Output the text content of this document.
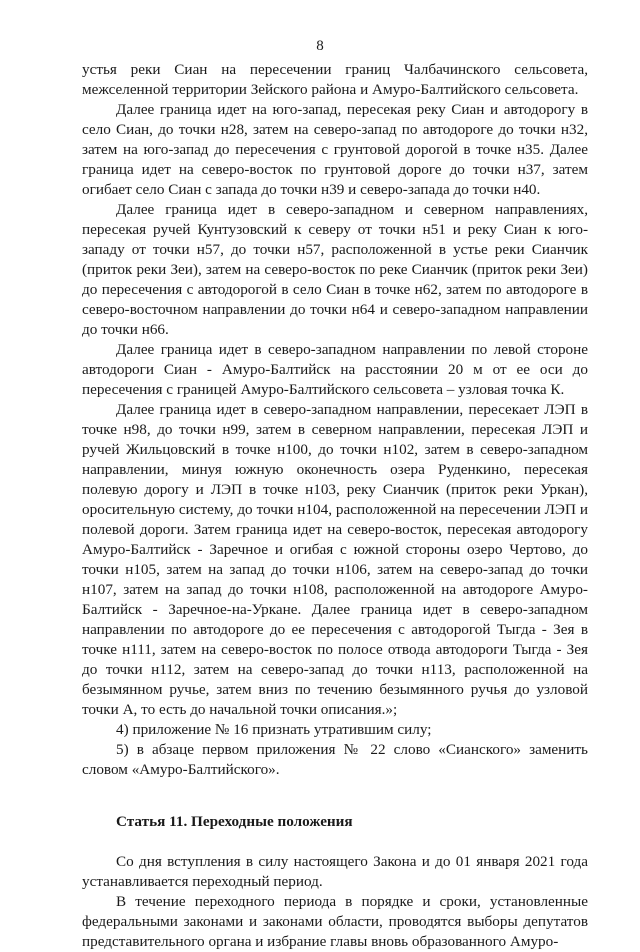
8

устья реки Сиан на пересечении границ Чалбачинского сельсовета, межселенной территории Зейского района и Амуро-Балтийского сельсовета.

Далее граница идет на юго-запад, пересекая реку Сиан и автодорогу в село Сиан, до точки н28, затем на северо-запад по автодороге до точки н32, затем на юго-запад до пересечения с грунтовой дорогой в точке н35. Далее граница идет на северо-восток по грунтовой дороге до точки н37, затем огибает село Сиан с запада до точки н39 и северо-запада до точки н40.

Далее граница идет в северо-западном и северном направлениях, пересекая ручей Кунтузовский к северу от точки н51 и реку Сиан к юго-западу от точки н57, до точки н57, расположенной в устье реки Сианчик (приток реки Зеи), затем на северо-восток по реке Сианчик (приток реки Зеи) до пересечения с автодорогой в село Сиан в точке н62, затем по автодороге в северо-восточном направлении до точки н64 и северо-западном направлении до точки н66.

Далее граница идет в северо-западном направлении по левой стороне автодороги Сиан - Амуро-Балтийск на расстоянии 20 м от ее оси до пересечения с границей Амуро-Балтийского сельсовета – узловая точка К.

Далее граница идет в северо-западном направлении, пересекает ЛЭП в точке н98, до точки н99, затем в северном направлении, пересекая ЛЭП и ручей Жильцовский в точке н100, до точки н102, затем в северо-западном направлении, минуя южную оконечность озера Руденкино, пересекая полевую дорогу и ЛЭП в точке н103, реку Сианчик (приток реки Уркан), оросительную систему, до точки н104, расположенной на пересечении ЛЭП и полевой дороги. Затем граница идет на северо-восток, пересекая автодорогу Амуро-Балтийск - Заречное и огибая с южной стороны озеро Чертово, до точки н105, затем на запад до точки н106, затем на северо-запад до точки н107, затем на запад до точки н108, расположенной на автодороге Амуро-Балтийск - Заречное-на-Уркане. Далее граница идет в северо-западном направлении по автодороге до ее пересечения с автодорогой Тыгда - Зея в точке н111, затем на северо-восток по полосе отвода автодороги Тыгда - Зея до точки н112, затем на северо-запад до точки н113, расположенной на безымянном ручье, затем вниз по течению безымянного ручья до узловой точки А, то есть до начальной точки описания.»;

4) приложение № 16 признать утратившим силу;

5) в абзаце первом приложения № 22 слово «Сианского» заменить словом «Амуро-Балтийского».

Статья 11. Переходные положения

Со дня вступления в силу настоящего Закона и до 01 января 2021 года устанавливается переходный период.

В течение переходного периода в порядке и сроки, установленные федеральными законами и законами области, проводятся выборы депутатов представительного органа и избрание главы вновь образованного Амуро-
